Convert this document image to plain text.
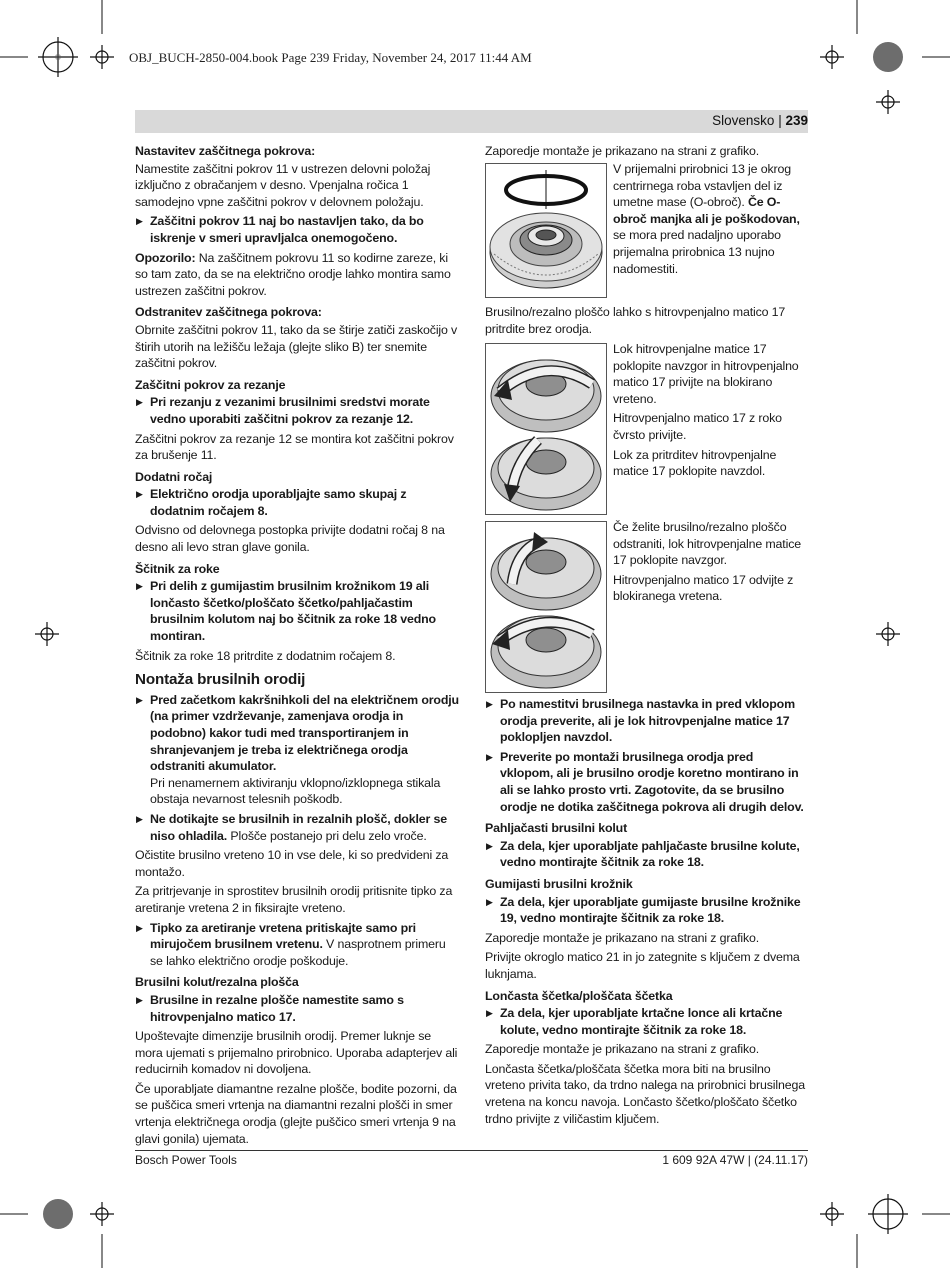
OBJ_BUCH-2850-004.book Page 239 Friday, November 24, 2017 11:44 AM
Slovensko | 239
Nastavitev zaščitnega pokrova:

Namestite zaščitni pokrov 11 v ustrezen delovni položaj izključno z obračanjem v desno. Vpenjalna ročica 1 samodejno vpne zaščitni pokrov v delovnem položaju.

▶ Zaščitni pokrov 11 naj bo nastavljen tako, da bo iskrenje v smeri upravljalca onemogočeno.

Opozorilo: Na zaščitnem pokrovu 11 so kodirne zareze, ki so tam zato, da se na električno orodje lahko montira samo ustrezen zaščitni pokrov.

Odstranitev zaščitnega pokrova:

Obrnite zaščitni pokrov 11, tako da se štirje zatiči zaskočijo v štirih utorih na ležišču ležaja (glejte sliko B) ter snemite zaščitni pokrov.

Zaščitni pokrov za rezanje
▶ Pri rezanju z vezanimi brusilnimi sredstvi morate vedno uporabiti zaščitni pokrov za rezanje 12.

Zaščitni pokrov za rezanje 12 se montira kot zaščitni pokrov za brušenje 11.

Dodatni ročaj
▶ Električno orodja uporabljajte samo skupaj z dodatnim ročajem 8.

Odvisno od delovnega postopka privijte dodatni ročaj 8 na desno ali levo stran glave gonila.

Ščitnik za roke
▶ Pri delih z gumijastim brusilnim krožnikom 19 ali lončasto ščetko/ploščato ščetko/pahljačastim brusilnim kolutom naj bo ščitnik za roke 18 vedno montiran.

Ščitnik za roke 18 pritrdite z dodatnim ročajem 8.

Nontaža brusilnih orodij
▶ Pred začetkom kakršnihkoli del na električnem orodju (na primer vzdrževanje, zamenjava orodja in podobno) kakor tudi med transportiranjem in shranjevanjem je treba iz električnega orodja odstraniti akumulator.
Pri nenamernem aktiviranju vklopno/izklopnega stikala obstaja nevarnost telesnih poškodb.
▶ Ne dotikajte se brusilnih in rezalnih plošč, dokler se niso ohladila. Plošče postanejo pri delu zelo vroče.

Očistite brusilno vreteno 10 in vse dele, ki so predvideni za montažo.

Za pritrjevanje in sprostitev brusilnih orodij pritisnite tipko za aretiranje vretena 2 in fiksirajte vreteno.

▶ Tipko za aretiranje vretena pritiskajte samo pri mirujočem brusilnem vretenu. V nasprotnem primeru se lahko električno orodje poškoduje.
Brusilni kolut/rezalna plošča
▶ Brusilne in rezalne plošče namestite samo s hitrovpenjalno matico 17.

Upoštevajte dimenzije brusilnih orodij. Premer luknje se mora ujemati s prijemalno prirobnico. Uporaba adapterjev ali reducirnih komadov ni dovoljena.

Če uporabljate diamantne rezalne plošče, bodite pozorni, da se puščica smeri vrtenja na diamantni rezalni plošči in smer vrtenja električnega orodja (glejte puščico smeri vrtenja 9 na glavi gonila) ujemata.

Zaporedje montaže je prikazano na strani z grafiko.

V prijemalni prirobnici 13 je okrog centrirnega roba vstavljen del iz umetne mase (O-obroč). Če O-obroč manjka ali je poškodovan, se mora pred nadaljno uporabo prijemalna prirobnica 13 nujno nadomestiti.

Brusilno/rezalno ploščo lahko s hitrovpenjalno matico 17 pritrdite brez orodja.

Lok hitrovpenjalne matice 17 poklopite navzgor in hitrovpenjalno matico 17 privijte na blokirano vreteno.

Hitrovpenjalno matico 17 z roko čvrsto privijte.

Lok za pritrditev hitrovpenjalne matice 17 poklopite navzdol.

Če želite brusilno/rezalno ploščo odstraniti, lok hitrovpenjalne matice 17 poklopite navzgor.

Hitrovpenjalno matico 17 odvijte z blokiranega vretena.

▶ Po namestitvi brusilnega nastavka in pred vklopom orodja preverite, ali je lok hitrovpenjalne matice 17 poklopljen navzdol.
▶ Preverite po montaži brusilnega orodja pred vklopom, ali je brusilno orodje koretno montirano in ali se lahko prosto vrti. Zagotovite, da se brusilno orodje ne dotika zaščitnega pokrova ali drugih delov.
Pahljačasti brusilni kolut
▶ Za dela, kjer uporabljate pahljačaste brusilne kolute, vedno montirajte ščitnik za roke 18.
Gumijasti brusilni krožnik
▶ Za dela, kjer uporabljate gumijaste brusilne krožnike 19, vedno montirajte ščitnik za roke 18.

Zaporedje montaže je prikazano na strani z grafiko.

Privijte okroglo matico 21 in jo zategnite s ključem z dvema luknjama.

Lončasta ščetka/ploščata ščetka
▶ Za dela, kjer uporabljate krtačne lonce ali krtačne kolute, vedno montirajte ščitnik za roke 18.

Zaporedje montaže je prikazano na strani z grafiko.

Lončasta ščetka/ploščata ščetka mora biti na brusilno vreteno privita tako, da trdno nalega na prirobnici brusilnega vretena na koncu navoja. Lončasto ščetko/ploščato ščetko trdno privijte z viličastim ključem.

Bosch Power Tools	1 609 92A 47W | (24.11.17)
